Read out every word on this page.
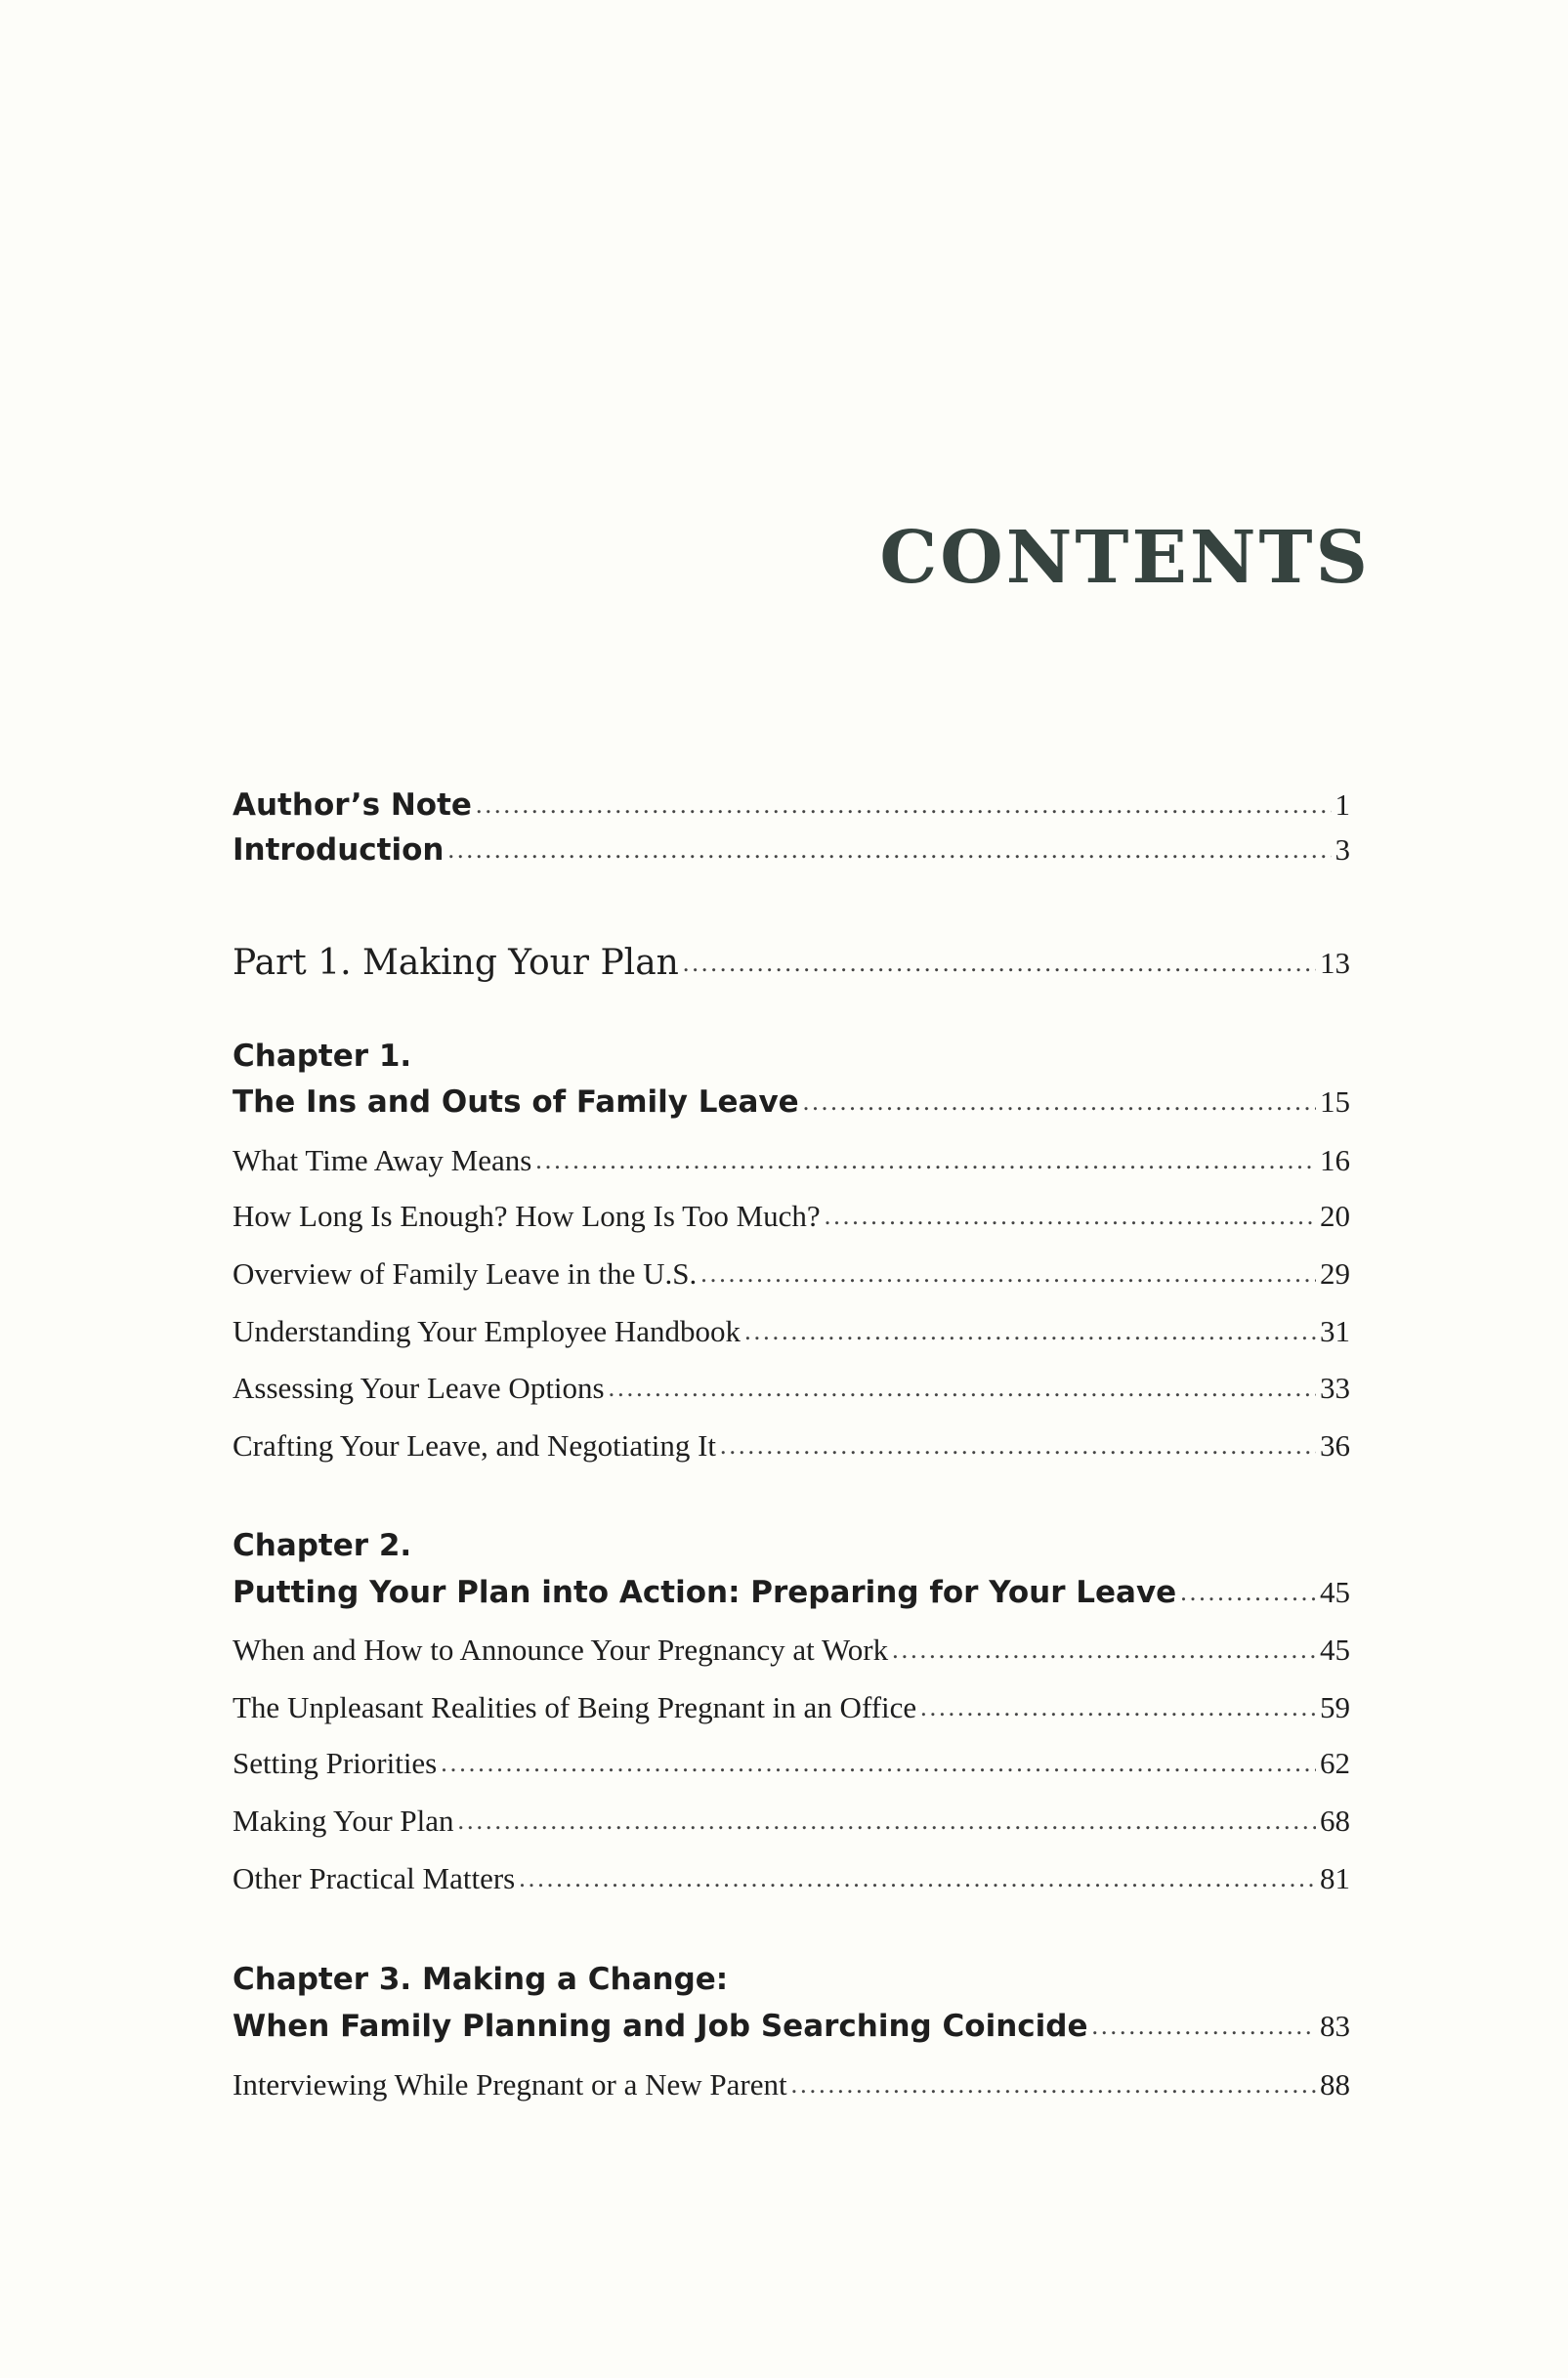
CONTENTS
Author’s Note .....	1
Introduction .....	3
Part 1. Making Your Plan .....	13
Chapter 1.
The Ins and Outs of Family Leave .....	15
What Time Away Means .....	16
How Long Is Enough? How Long Is Too Much? .....	20
Overview of Family Leave in the U.S. .....	29
Understanding Your Employee Handbook .....	31
Assessing Your Leave Options .....	33
Crafting Your Leave, and Negotiating It .....	36
Chapter 2.
Putting Your Plan into Action: Preparing for Your Leave .....	45
When and How to Announce Your Pregnancy at Work .....	45
The Unpleasant Realities of Being Pregnant in an Office .....	59
Setting Priorities .....	62
Making Your Plan .....	68
Other Practical Matters .....	81
Chapter 3. Making a Change:
When Family Planning and Job Searching Coincide .....	83
Interviewing While Pregnant or a New Parent .....	88
